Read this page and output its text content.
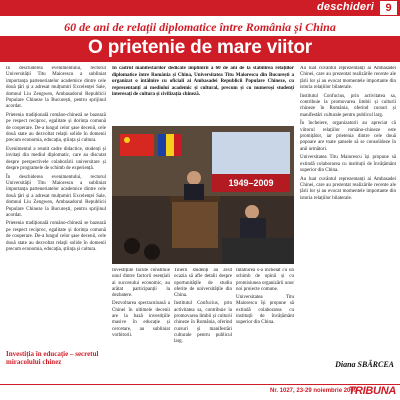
deschideri	9
60 de ani de relații diplomatice între România și China
O prietenie de mare viitor

În deschiderea evenimentului, rectorul Universității Titu Maiorescu a subliniat importanța parteneriatelor academice dintre cele două țări și a adresat mulțumiri Excelenței Sale, domnul Liu Zengwen, Ambasadorul Republicii Populare Chineze la București, pentru sprijinul acordat.

Prietenia tradițională româno-chineză se bazează pe respect reciproc, egalitate și dorința comună de cooperare. De-a lungul celor șase decenii, cele două state au dezvoltat relații solide în domenii precum economia, educația, știința și cultura.

Evenimentul a reunit cadre didactice, studenți și invitați din mediul diplomatic, care au discutat despre perspectivele colaborării universitare și despre programele de schimb de experiență.

În deschiderea evenimentului, rectorul Universității Titu Maiorescu a subliniat importanța parteneriatelor academice dintre cele două țări și a adresat mulțumiri Excelenței Sale, domnul Liu Zengwen, Ambasadorul Republicii Populare Chineze la București, pentru sprijinul acordat.

Prietenia tradițională româno-chineză se bazează pe respect reciproc, egalitate și dorința comună de cooperare. De-a lungul celor șase decenii, cele două state au dezvoltat relații solide în domenii precum economia, educația, știința și cultura.

Investiția în educație – secretul miracolului chinez

În cadrul manifestărilor dedicate împlinirii a 60 de ani de la stabilirea relațiilor diplomatice între România și China, Universitatea Titu Maiorescu din București a organizat o întâlnire cu oficiali ai Ambasadei Republicii Populare Chineze, cu reprezentanți ai mediului academic și cultural, precum și cu numeroși studenți interesați de cultura și civilizația chineză.

1949–2009

Investițiile făcute constituie unul dintre factorii esențiali ai succesului economic, au arătat participanții la dezbatere.

Dezvoltarea spectaculoasă a Chinei în ultimele decenii are la bază investițiile masive în educație și cercetare, au subliniat vorbitorii.

Tinerii studenți au avut ocazia să afle detalii despre oportunitățile de studiu oferite de universitățile din China.

Institutul Confucius, prin activitatea sa, contribuie la promovarea limbii și culturii chineze în România, oferind cursuri și manifestări culturale pentru publicul larg.

Întâlnirea s-a încheiat cu un schimb de opinii și cu promisiunea organizării unor noi proiecte comune.

Universitatea Titu Maiorescu își propune să extindă colaborarea cu instituții de învățământ superior din China.

Au luat cuvântul reprezentanți ai Ambasadei Chinei, care au prezentat realizările recente ale țării lor și au evocat momentele importante din istoria relațiilor bilaterale.

Institutul Confucius, prin activitatea sa, contribuie la promovarea limbii și culturii chineze în România, oferind cursuri și manifestări culturale pentru publicul larg.

În încheiere, organizatorii au apreciat că viitorul relațiilor româno-chineze este promițător, iar prietenia dintre cele două popoare are toate șansele să se consolideze în anii următori.

Universitatea Titu Maiorescu își propune să extindă colaborarea cu instituții de învățământ superior din China.

Au luat cuvântul reprezentanți ai Ambasadei Chinei, care au prezentat realizările recente ale țării lor și au evocat momentele importante din istoria relațiilor bilaterale.

Diana SBÂRCEA
Nr. 1027, 23-29 noiembrie 2009
TRIBUNA
